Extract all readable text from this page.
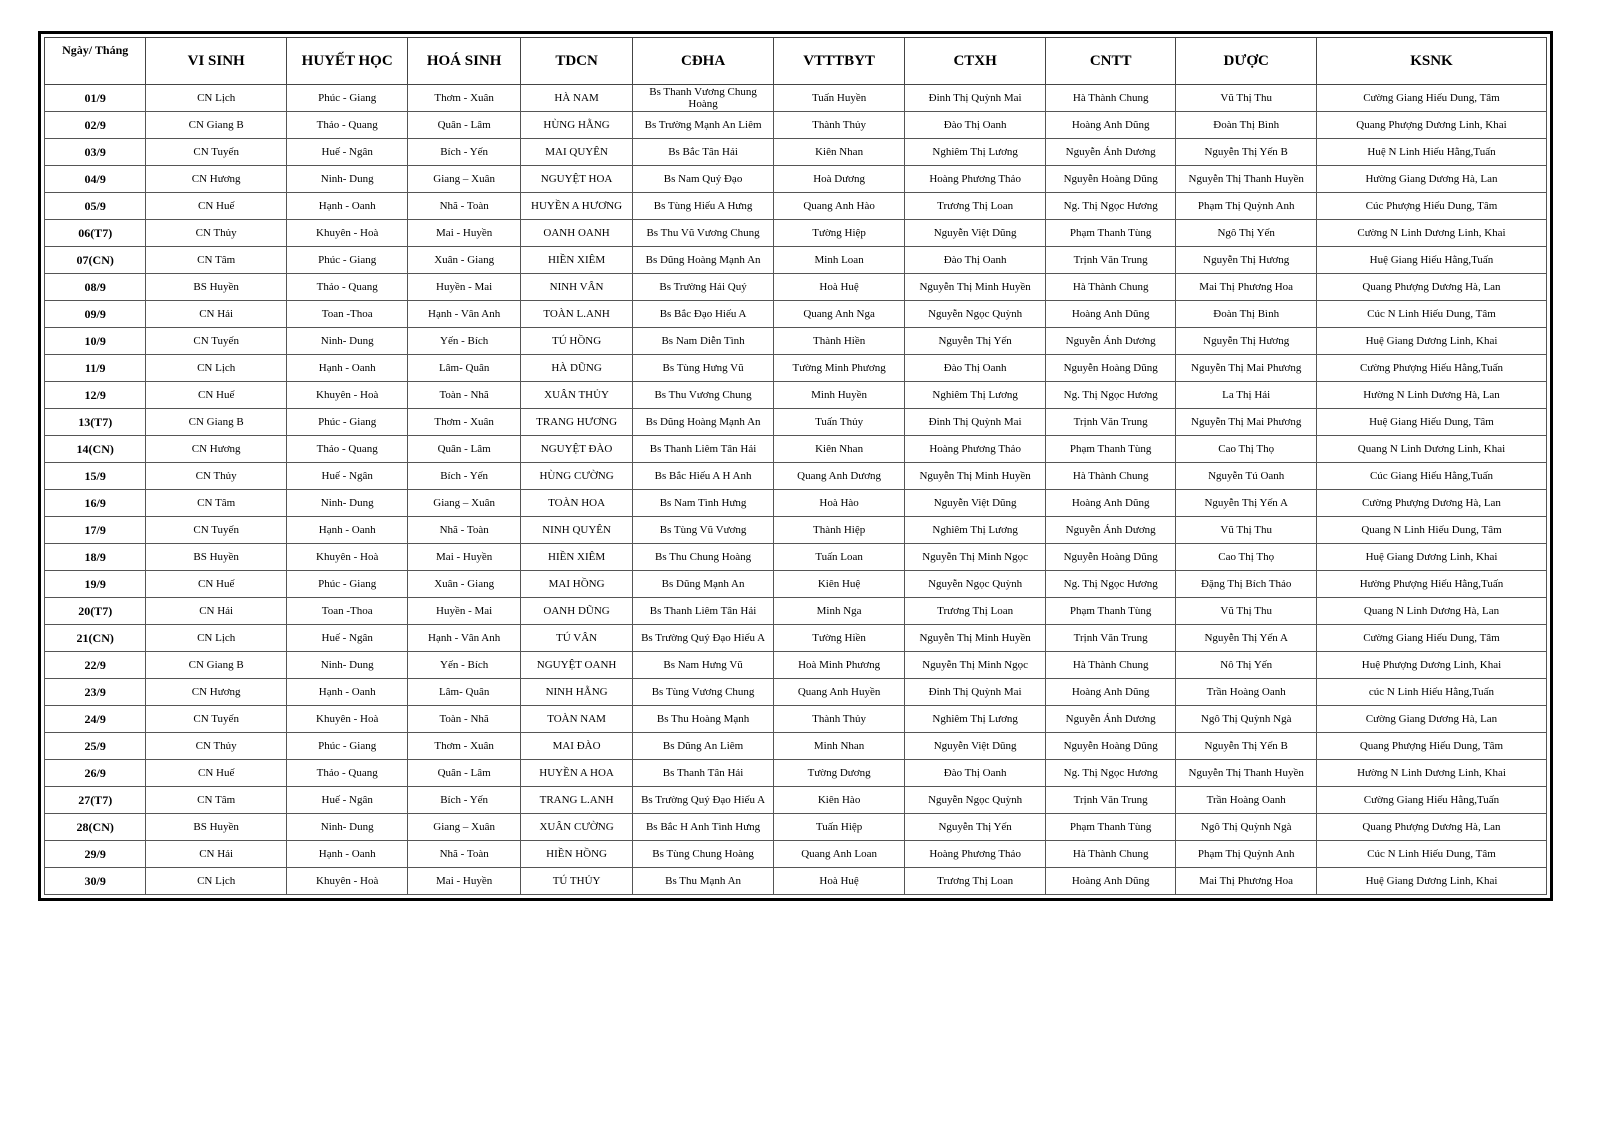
Ngày/ Tháng	VI SINH	HUYẾT HỌC	HOÁ SINH	TDCN	CĐHA	VTTTBYT	CTXH	CNTT	DƯỢC	KSNK
01/9	CN Lịch	Phúc - Giang	Thơm - Xuân	HÀ NAM	Bs Thanh Vương Chung Hoàng	Tuấn Huyền	Đinh Thị Quỳnh Mai	Hà Thành Chung	Vũ Thị Thu	Cường Giang Hiếu Dung, Tâm
02/9	CN Giang B	Thảo - Quang	Quân - Lâm	HÙNG HẰNG	Bs Trường Mạnh An Liêm	Thành Thủy	Đào Thị Oanh	Hoàng Anh Dũng	Đoàn Thị Bình	Quang Phượng Dương Linh, Khai
03/9	CN Tuyến	Huế - Ngân	Bích - Yến	MAI QUYÊN	Bs Bắc Tân Hải	Kiên Nhan	Nghiêm Thị Lương	Nguyễn Ánh Dương	Nguyễn Thị Yến B	Huệ N Linh Hiếu Hằng,Tuấn
04/9	CN Hương	Ninh- Dung	Giang – Xuân	NGUYỆT HOA	Bs Nam Quý Đạo	Hoà Dương	Hoàng Phương Thảo	Nguyễn Hoàng Dũng	Nguyễn Thị Thanh Huyền	Hường Giang Dương Hà, Lan
05/9	CN Huế	Hạnh - Oanh	Nhã - Toàn	HUYỀN A HƯƠNG	Bs Tùng Hiếu A Hưng	Quang Anh Hào	Trương Thị Loan	Ng. Thị Ngọc Hương	Phạm Thị Quỳnh Anh	Cúc Phượng Hiếu Dung, Tâm
06(T7)	CN Thủy	Khuyên - Hoà	Mai - Huyền	OANH OANH	Bs Thu Vũ Vương Chung	Tường Hiệp	Nguyễn Việt Dũng	Phạm Thanh Tùng	Ngô Thị Yến	Cường N Linh Dương Linh, Khai
07(CN)	CN Tâm	Phúc - Giang	Xuân - Giang	HIỀN XIÊM	Bs Dũng Hoàng Mạnh An	Minh Loan	Đào Thị Oanh	Trịnh Văn Trung	Nguyễn Thị Hương	Huệ Giang Hiếu Hằng,Tuấn
08/9	BS Huyền	Thảo - Quang	Huyền - Mai	NINH VÂN	Bs Trường Hải Quý	Hoà Huệ	Nguyễn Thị Minh Huyền	Hà Thành Chung	Mai Thị Phương Hoa	Quang Phượng Dương Hà, Lan
09/9	CN Hải	Toan -Thoa	Hạnh - Vân Anh	TOÀN L.ANH	Bs Bắc Đạo Hiếu A	Quang Anh Nga	Nguyễn Ngọc Quỳnh	Hoàng Anh Dũng	Đoàn Thị Bình	Cúc N Linh Hiếu Dung, Tâm
10/9	CN Tuyến	Ninh- Dung	Yến - Bích	TÚ HỒNG	Bs Nam Diễn Tình	Thành Hiền	Nguyễn Thị Yến	Nguyễn Ánh Dương	Nguyễn Thị Hương	Huệ Giang Dương Linh, Khai
11/9	CN Lịch	Hạnh - Oanh	Lâm- Quân	HÀ DŨNG	Bs Tùng Hưng Vũ	Tường Minh Phương	Đào Thị Oanh	Nguyễn Hoàng Dũng	Nguyễn Thị Mai Phương	Cường Phượng Hiếu Hằng,Tuấn
12/9	CN Huế	Khuyên - Hoà	Toàn - Nhã	XUÂN THỦY	Bs Thu Vương Chung	Minh Huyền	Nghiêm Thị Lương	Ng. Thị Ngọc Hương	La Thị Hải	Hường N Linh Dương Hà, Lan
13(T7)	CN Giang B	Phúc - Giang	Thơm - Xuân	TRANG HƯƠNG	Bs Dũng Hoàng Mạnh An	Tuấn Thủy	Đinh Thị Quỳnh Mai	Trịnh Văn Trung	Nguyễn Thị Mai Phương	Huệ Giang Hiếu Dung, Tâm
14(CN)	CN Hương	Thảo - Quang	Quân - Lâm	NGUYỆT ĐÀO	Bs Thanh Liêm Tân Hải	Kiên Nhan	Hoàng Phương Thảo	Phạm Thanh Tùng	Cao Thị Thọ	Quang N Linh Dương Linh, Khai
15/9	CN Thủy	Huế - Ngân	Bích - Yến	HÙNG CƯỜNG	Bs Bắc Hiếu A H Anh	Quang Anh Dương	Nguyễn Thị Minh Huyền	Hà Thành Chung	Nguyễn Tú Oanh	Cúc Giang Hiếu Hằng,Tuấn
16/9	CN Tâm	Ninh- Dung	Giang – Xuân	TOÀN HOA	Bs Nam Tình Hưng	Hoà Hào	Nguyễn Việt Dũng	Hoàng Anh Dũng	Nguyễn Thị Yến A	Cường Phượng Dương Hà, Lan
17/9	CN Tuyến	Hạnh - Oanh	Nhã - Toàn	NINH QUYÊN	Bs Tùng Vũ Vương	Thành Hiệp	Nghiêm Thị Lương	Nguyễn Ánh Dương	Vũ Thị Thu	Quang N Linh Hiếu Dung, Tâm
18/9	BS Huyền	Khuyên - Hoà	Mai - Huyền	HIỀN XIÊM	Bs Thu Chung Hoàng	Tuấn Loan	Nguyễn Thị Minh Ngọc	Nguyễn Hoàng Dũng	Cao Thị Thọ	Huệ Giang Dương Linh, Khai
19/9	CN Huế	Phúc - Giang	Xuân - Giang	MAI HỒNG	Bs Dũng Mạnh An	Kiên Huệ	Nguyễn Ngọc Quỳnh	Ng. Thị Ngọc Hương	Đặng Thị Bích Thảo	Hường Phượng Hiếu Hằng,Tuấn
20(T7)	CN Hải	Toan -Thoa	Huyền - Mai	OANH DŨNG	Bs Thanh Liêm Tân Hải	Minh Nga	Trương Thị Loan	Phạm Thanh Tùng	Vũ Thị Thu	Quang N Linh Dương Hà, Lan
21(CN)	CN Lịch	Huế - Ngân	Hạnh - Vân Anh	TÚ VÂN	Bs Trường Quý Đạo Hiếu A	Tường Hiền	Nguyễn Thị Minh Huyền	Trịnh Văn Trung	Nguyễn Thị Yến A	Cường Giang Hiếu Dung, Tâm
22/9	CN Giang B	Ninh- Dung	Yến - Bích	NGUYỆT OANH	Bs Nam Hưng Vũ	Hoà Minh Phương	Nguyễn Thị Minh Ngọc	Hà Thành Chung	Nô Thị Yến	Huệ Phượng Dương Linh, Khai
23/9	CN Hương	Hạnh - Oanh	Lâm- Quân	NINH HẰNG	Bs Tùng Vương Chung	Quang Anh Huyền	Đinh Thị Quỳnh Mai	Hoàng Anh Dũng	Trần Hoàng Oanh	cúc N Linh Hiếu Hằng,Tuấn
24/9	CN Tuyến	Khuyên - Hoà	Toàn - Nhã	TOÀN NAM	Bs Thu Hoàng Mạnh	Thành Thủy	Nghiêm Thị Lương	Nguyễn Ánh Dương	Ngô Thị Quỳnh Ngà	Cường Giang Dương Hà, Lan
25/9	CN Thủy	Phúc - Giang	Thơm - Xuân	MAI ĐÀO	Bs Dũng An Liêm	Minh Nhan	Nguyễn Việt Dũng	Nguyễn Hoàng Dũng	Nguyễn Thị Yến B	Quang Phượng Hiếu Dung, Tâm
26/9	CN Huế	Thảo - Quang	Quân - Lâm	HUYỀN A HOA	Bs Thanh Tân Hải	Tường Dương	Đào Thị Oanh	Ng. Thị Ngọc Hương	Nguyễn Thị Thanh Huyền	Hường N Linh Dương Linh, Khai
27(T7)	CN Tâm	Huế - Ngân	Bích - Yến	TRANG L.ANH	Bs Trường Quý Đạo Hiếu A	Kiên Hào	Nguyễn Ngọc Quỳnh	Trịnh Văn Trung	Trần Hoàng Oanh	Cường Giang Hiếu Hằng,Tuấn
28(CN)	BS Huyền	Ninh- Dung	Giang – Xuân	XUÂN CƯỜNG	Bs Bắc H Anh Tình Hưng	Tuấn Hiệp	Nguyễn Thị Yến	Phạm Thanh Tùng	Ngô Thị Quỳnh Ngà	Quang Phượng Dương Hà, Lan
29/9	CN Hải	Hạnh - Oanh	Nhã - Toàn	HIỀN HỒNG	Bs Tùng Chung Hoàng	Quang Anh Loan	Hoàng Phương Thảo	Hà Thành Chung	Phạm Thị Quỳnh Anh	Cúc N Linh Hiếu Dung, Tâm
30/9	CN Lịch	Khuyên - Hoà	Mai - Huyền	TÚ THỦY	Bs Thu Mạnh An	Hoà Huệ	Trương Thị Loan	Hoàng Anh Dũng	Mai Thị Phương Hoa	Huệ Giang Dương Linh, Khai
